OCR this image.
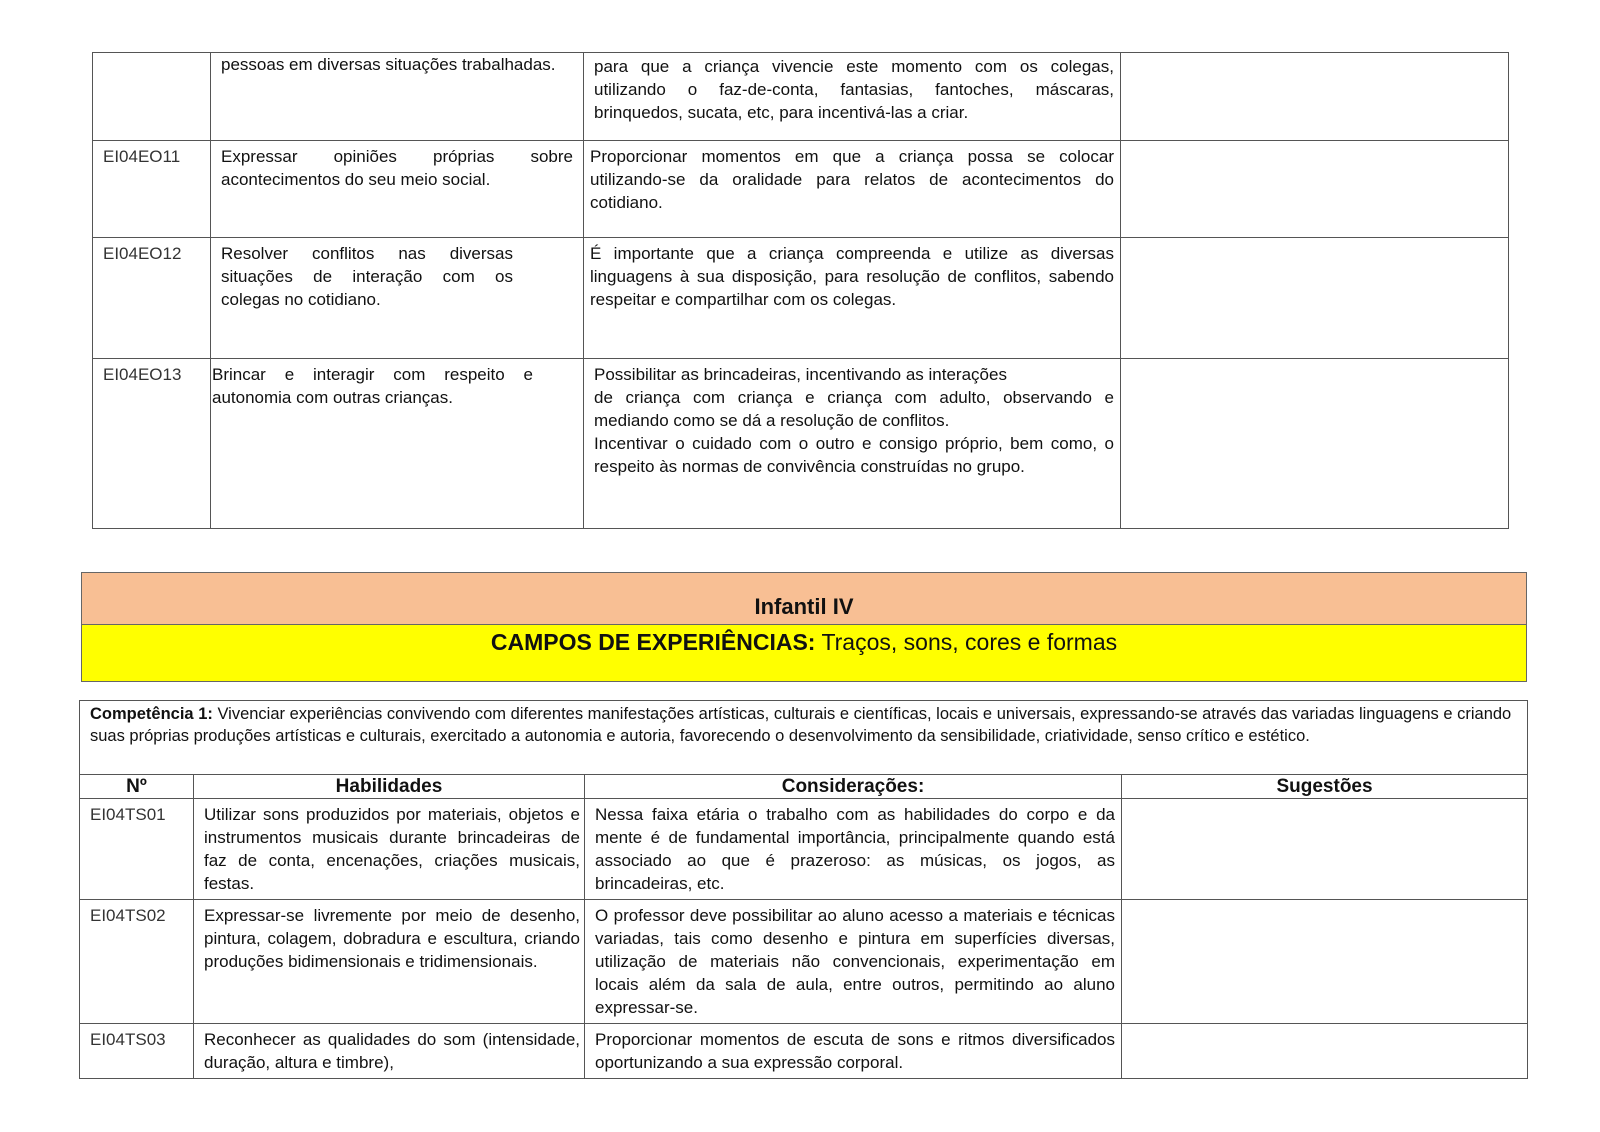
	pessoas em diversas situações trabalhadas.	para que a criança vivencie este momento com os colegas, utilizando o faz-de-conta, fantasias, fantoches, máscaras, brinquedos, sucata, etc, para incentivá-las a criar.	
EI04EO11	Expressar opiniões próprias sobre acontecimentos do seu meio social.	Proporcionar momentos em que a criança possa se colocar utilizando-se da oralidade para relatos de acontecimentos do cotidiano.	
EI04EO12	Resolver conflitos nas diversas situações de interação com os colegas no cotidiano.	É importante que a criança compreenda e utilize as diversas linguagens à sua disposição, para resolução de conflitos, sabendo respeitar e compartilhar com os colegas.	
EI04EO13	Brincar e interagir com respeito e autonomia com outras crianças.	Possibilitar as brincadeiras, incentivando as interações
de criança com criança e criança com adulto, observando e mediando como se dá a resolução de conflitos.
Incentivar o cuidado com o outro e consigo próprio, bem como, o respeito às normas de convivência construídas no grupo.	

Infantil IV
CAMPOS DE EXPERIÊNCIAS: Traços, sons, cores e formas
Competência 1: Vivenciar experiências convivendo com diferentes manifestações artísticas, culturais e científicas, locais e universais, expressando-se através das variadas linguagens e criando suas próprias produções artísticas e culturais, exercitado a autonomia e autoria, favorecendo o desenvolvimento da sensibilidade, criatividade, senso crítico e estético.			
Nº	Habilidades	Considerações:	Sugestões
EI04TS01	Utilizar sons produzidos por materiais, objetos e instrumentos musicais durante brincadeiras de faz de conta, encenações, criações musicais, festas.	Nessa faixa etária o trabalho com as habilidades do corpo e da mente é de fundamental importância, principalmente quando está associado ao que é prazeroso: as músicas, os jogos, as brincadeiras, etc.	
EI04TS02	Expressar-se livremente por meio de desenho, pintura, colagem, dobradura e escultura, criando produções bidimensionais e tridimensionais.	O professor deve possibilitar ao aluno acesso a materiais e técnicas variadas, tais como desenho e pintura em superfícies diversas, utilização de materiais não convencionais, experimentação em locais além da sala de aula, entre outros, permitindo ao aluno expressar-se.	
EI04TS03	Reconhecer as qualidades do som (intensidade, duração, altura e timbre),	Proporcionar momentos de escuta de sons e ritmos diversificados oportunizando a sua expressão corporal.	
